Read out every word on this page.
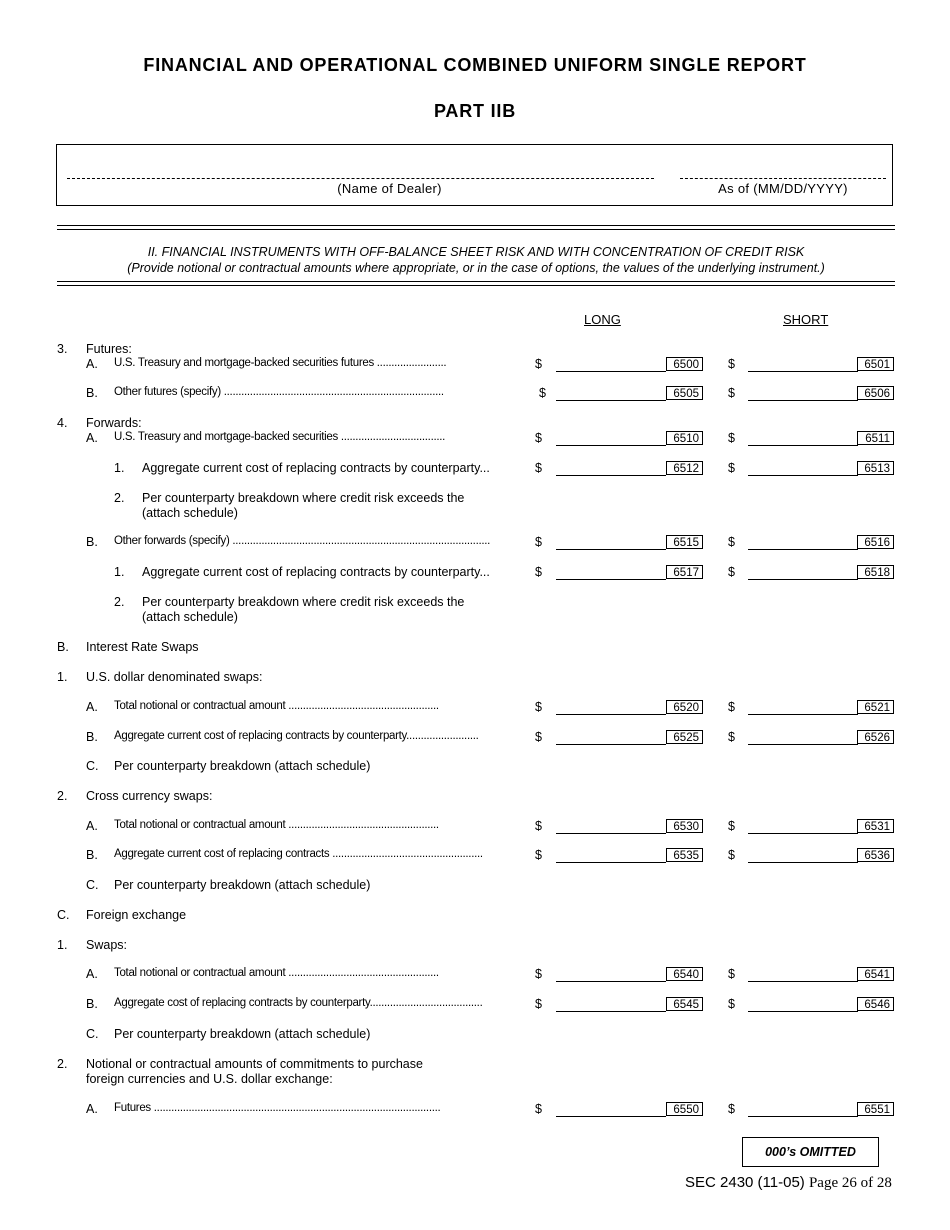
FINANCIAL AND OPERATIONAL COMBINED UNIFORM SINGLE REPORT
PART IIB
(Name of Dealer)	As of (MM/DD/YYYY)
II. FINANCIAL INSTRUMENTS WITH OFF-BALANCE SHEET RISK AND WITH CONCENTRATION OF CREDIT RISK
(Provide notional or contractual amounts where appropriate, or in the case of options, the values of the underlying instrument.)
LONG	SHORT
3. Futures:
A. U.S. Treasury and mortgage-backed securities futures ........................	$	6500	$	6501
B. Other futures (specify) ............................................................................	$	6505	$	6506
4. Forwards:
A. U.S. Treasury and mortgage-backed securities ....................................	$	6510	$	6511
1. Aggregate current cost of replacing contracts by counterparty...	$	6512	$	6513
2. Per counterparty breakdown where credit risk exceeds the
(attach schedule)
B. Other forwards (specify) .........................................................................................	$	6515	$	6516
1. Aggregate current cost of replacing contracts by counterparty...	$	6517	$	6518
2. Per counterparty breakdown where credit risk exceeds the
(attach schedule)
B. Interest Rate Swaps
1. U.S. dollar denominated swaps:
A. Total notional or contractual amount ....................................................	$	6520	$	6521
B. Aggregate current cost of replacing contracts by counterparty.........................	$	6525	$	6526
C. Per counterparty breakdown (attach schedule)
2. Cross currency swaps:
A. Total notional or contractual amount ....................................................	$	6530	$	6531
B. Aggregate current cost of replacing contracts ....................................................	$	6535	$	6536
C. Per counterparty breakdown (attach schedule)
C. Foreign exchange
1. Swaps:
A. Total notional or contractual amount ....................................................	$	6540	$	6541
B. Aggregate cost of replacing contracts by counterparty.......................................	$	6545	$	6546
C. Per counterparty breakdown (attach schedule)
2. Notional or contractual amounts of commitments to purchase
foreign currencies and U.S. dollar exchange:
A. Futures ...................................................................................................	$	6550	$	6551
000’s OMITTED
SEC 2430 (11-05) Page 26 of 28
